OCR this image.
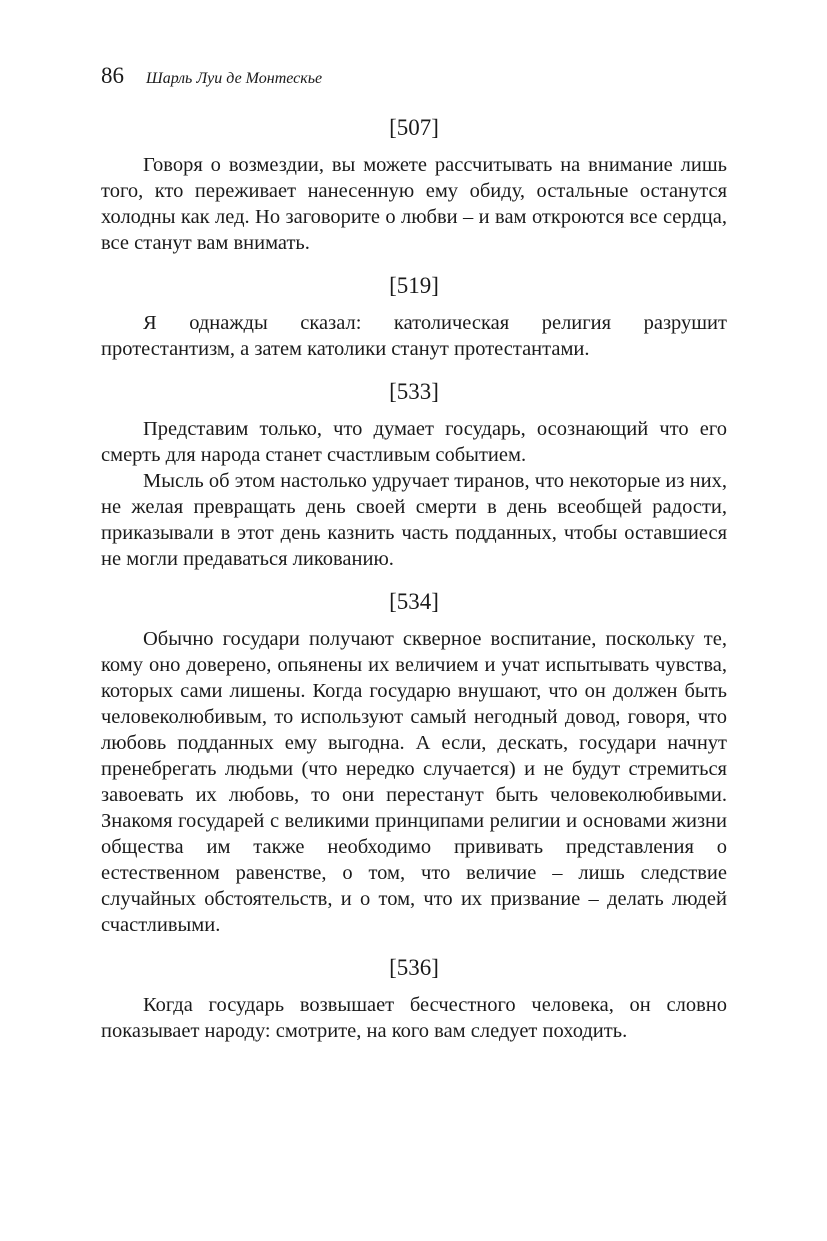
86 Шарль Луи де Монтескье
[507]

Говоря о возмездии, вы можете рассчитывать на внимание лишь того, кто переживает нанесенную ему обиду, остальные останутся холодны как лед. Но заговорите о любви – и вам откроются все сердца, все станут вам внимать.

[519]

Я однажды сказал: католическая религия разрушит протестантизм, а затем католики станут протестантами.

[533]

Представим только, что думает государь, осознающий что его смерть для народа станет счастливым событием.

Мысль об этом настолько удручает тиранов, что некоторые из них, не желая превращать день своей смерти в день всеобщей радости, приказывали в этот день казнить часть подданных, чтобы оставшиеся не могли предаваться ликованию.

[534]

Обычно государи получают скверное воспитание, поскольку те, кому оно доверено, опьянены их величием и учат испытывать чувства, которых сами лишены. Когда государю внушают, что он должен быть человеколюбивым, то используют самый негодный довод, говоря, что любовь подданных ему выгодна. А если, дескать, государи начнут пренебрегать людьми (что нередко случается) и не будут стремиться завоевать их любовь, то они перестанут быть человеколюбивыми. Знакомя государей с великими принципами религии и основами жизни общества им также необходимо прививать представления о естественном равенстве, о том, что величие – лишь следствие случайных обстоятельств, и о том, что их призвание – делать людей счастливыми.

[536]

Когда государь возвышает бесчестного человека, он словно показывает народу: смотрите, на кого вам следует походить.
